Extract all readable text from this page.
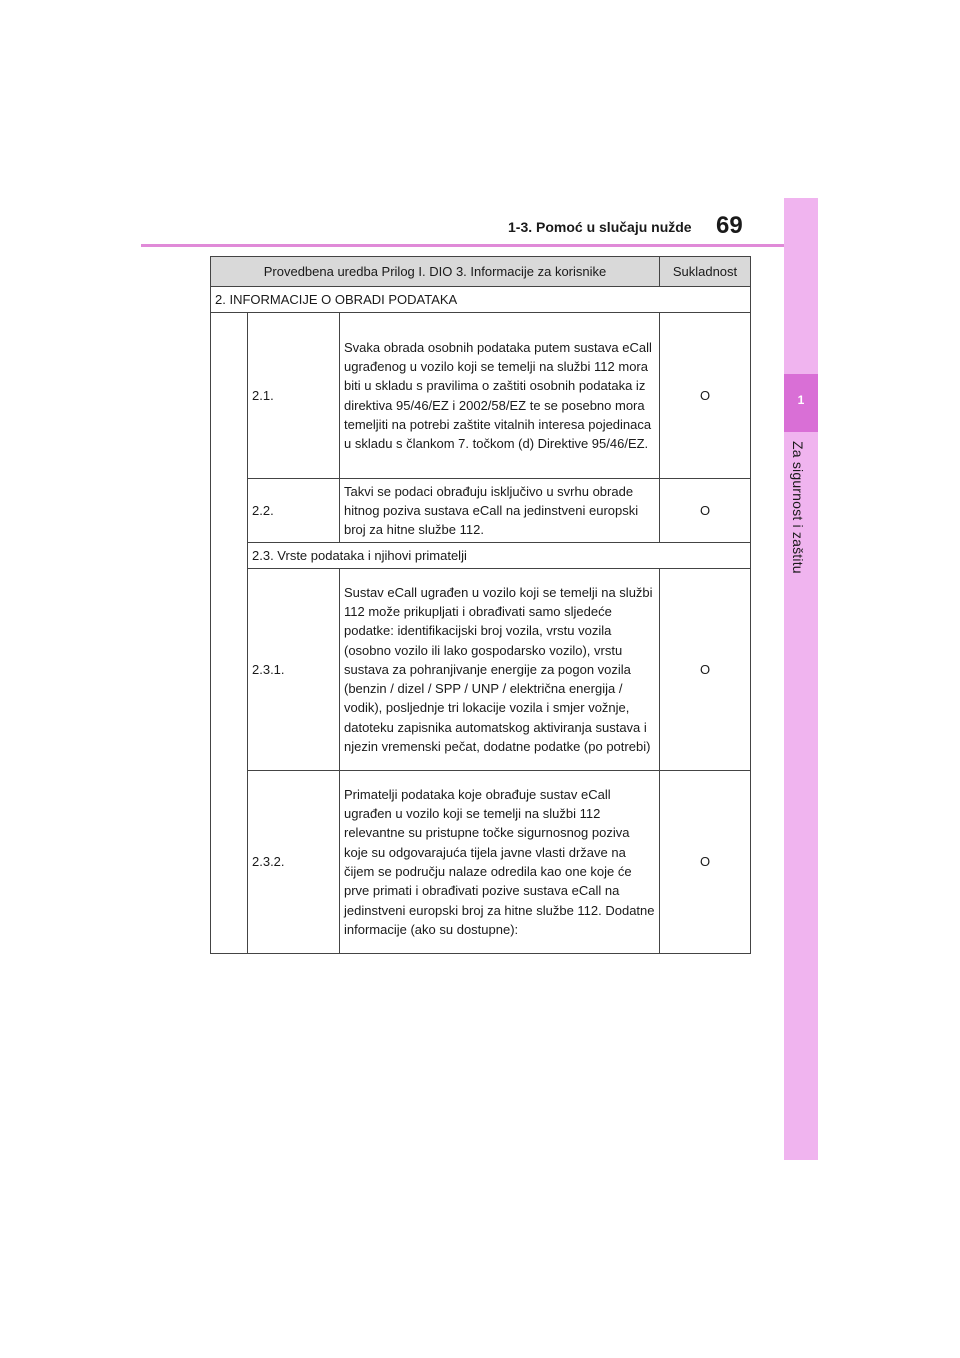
1-3. Pomoć u slučaju nužde 69
1
Za sigurnost i zaštitu
Provedbena uredba Prilog I. DIO 3. Informacije za korisnike			Sukladnost
2. INFORMACIJE O OBRADI PODATAKA			
	2.1.	Svaka obrada osobnih podataka putem sustava eCall ugrađenog u vozilo koji se temelji na službi 112 mora biti u skladu s pravilima o zaštiti osobnih podataka iz direktiva 95/46/EZ i 2002/58/EZ te se posebno mora temeljiti na potrebi zaštite vitalnih interesa pojedinaca u skladu s člankom 7. točkom (d) Direktive 95/46/EZ.	O
	2.2.	Takvi se podaci obrađuju isključivo u svrhu obrade hitnog poziva sustava eCall na jedinstveni europski broj za hitne službe 112.	O
	2.3. Vrste podataka i njihovi primatelji		
	2.3.1.	Sustav eCall ugrađen u vozilo koji se temelji na službi 112 može prikupljati i obrađivati samo sljedeće podatke: identifikacijski broj vozila, vrstu vozila (osobno vozilo ili lako gospodarsko vozilo), vrstu sustava za pohranjivanje energije za pogon vozila (benzin / dizel / SPP / UNP / električna energija / vodik), posljednje tri lokacije vozila i smjer vožnje, datoteku zapisnika automatskog aktiviranja sustava i njezin vremenski pečat, dodatne podatke (po potrebi)	O
	2.3.2.	Primatelji podataka koje obrađuje sustav eCall ugrađen u vozilo koji se temelji na službi 112 relevantne su pristupne točke sigurnosnog poziva koje su odgovarajuća tijela javne vlasti države na čijem se području nalaze odredila kao one koje će prve primati i obrađivati pozive sustava eCall na jedinstveni europski broj za hitne službe 112. Dodatne informacije (ako su dostupne):	O
